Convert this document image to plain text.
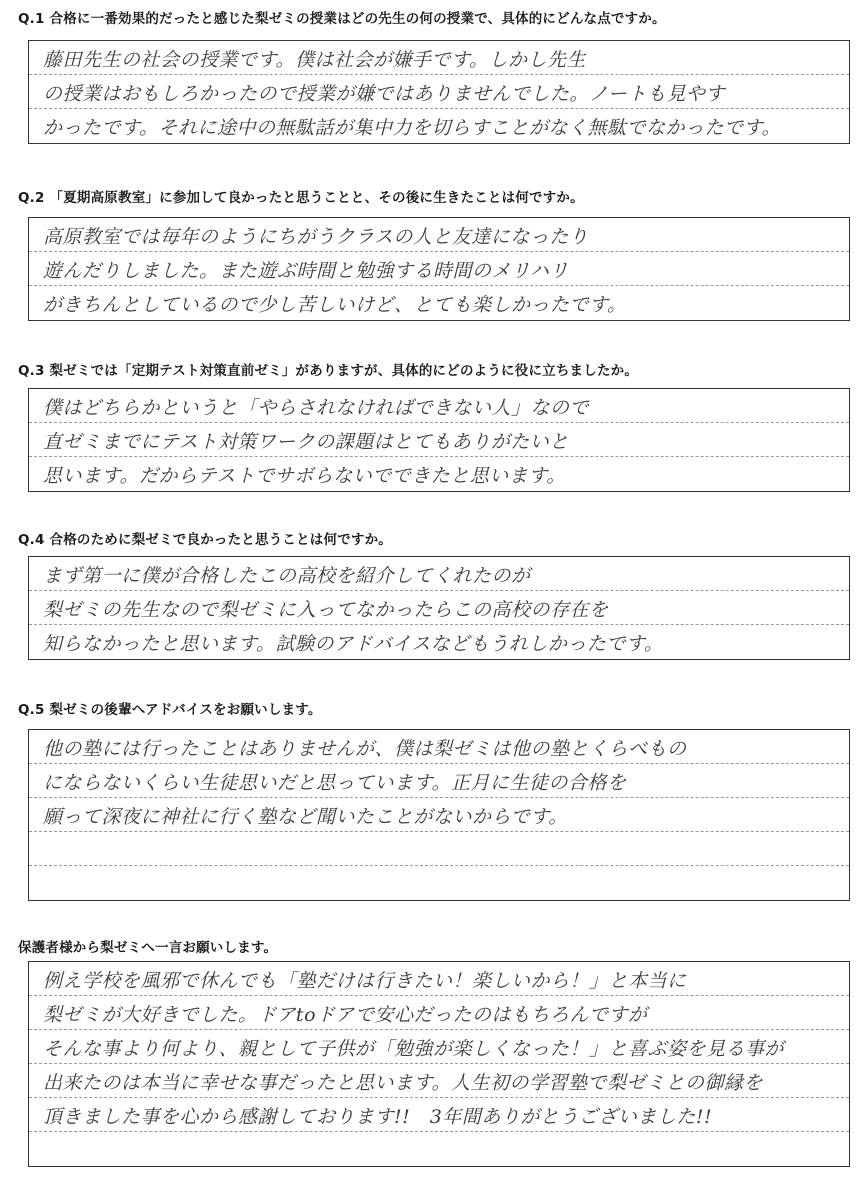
Q.1 合格に一番効果的だったと感じた梨ゼミの授業はどの先生の何の授業で、具体的にどんな点ですか。
藤田先生の社会の授業です。僕は社会が嫌手です。しかし先生
の授業はおもしろかったので授業が嫌ではありませんでした。ノートも見やす
かったです。それに途中の無駄話が集中力を切らすことがなく無駄でなかったです。
Q.2 「夏期高原教室」に参加して良かったと思うことと、その後に生きたことは何ですか。
高原教室では毎年のようにちがうクラスの人と友達になったり
遊んだりしました。また遊ぶ時間と勉強する時間のメリハリ
がきちんとしているので少し苦しいけど、とても楽しかったです。
Q.3 梨ゼミでは「定期テスト対策直前ゼミ」がありますが、具体的にどのように役に立ちましたか。
僕はどちらかというと「やらされなければできない人」なので
直ゼミまでにテスト対策ワークの課題はとてもありがたいと
思います。だからテストでサボらないでできたと思います。
Q.4 合格のために梨ゼミで良かったと思うことは何ですか。
まず第一に僕が合格したこの高校を紹介してくれたのが
梨ゼミの先生なので梨ゼミに入ってなかったらこの高校の存在を
知らなかったと思います。試験のアドバイスなどもうれしかったです。
Q.5 梨ゼミの後輩へアドバイスをお願いします。
他の塾には行ったことはありませんが、僕は梨ゼミは他の塾とくらべもの
にならないくらい生徒思いだと思っています。正月に生徒の合格を
願って深夜に神社に行く塾など聞いたことがないからです。
保護者様から梨ゼミへ一言お願いします。
例え学校を風邪で休んでも「塾だけは行きたい！楽しいから！」と本当に
梨ゼミが大好きでした。ドアtoドアで安心だったのはもちろんですが
そんな事より何より、親として子供が「勉強が楽しくなった！」と喜ぶ姿を見る事が
出来たのは本当に幸せな事だったと思います。人生初の学習塾で梨ゼミとの御縁を
頂きました事を心から感謝しております!!　3年間ありがとうございました!!
